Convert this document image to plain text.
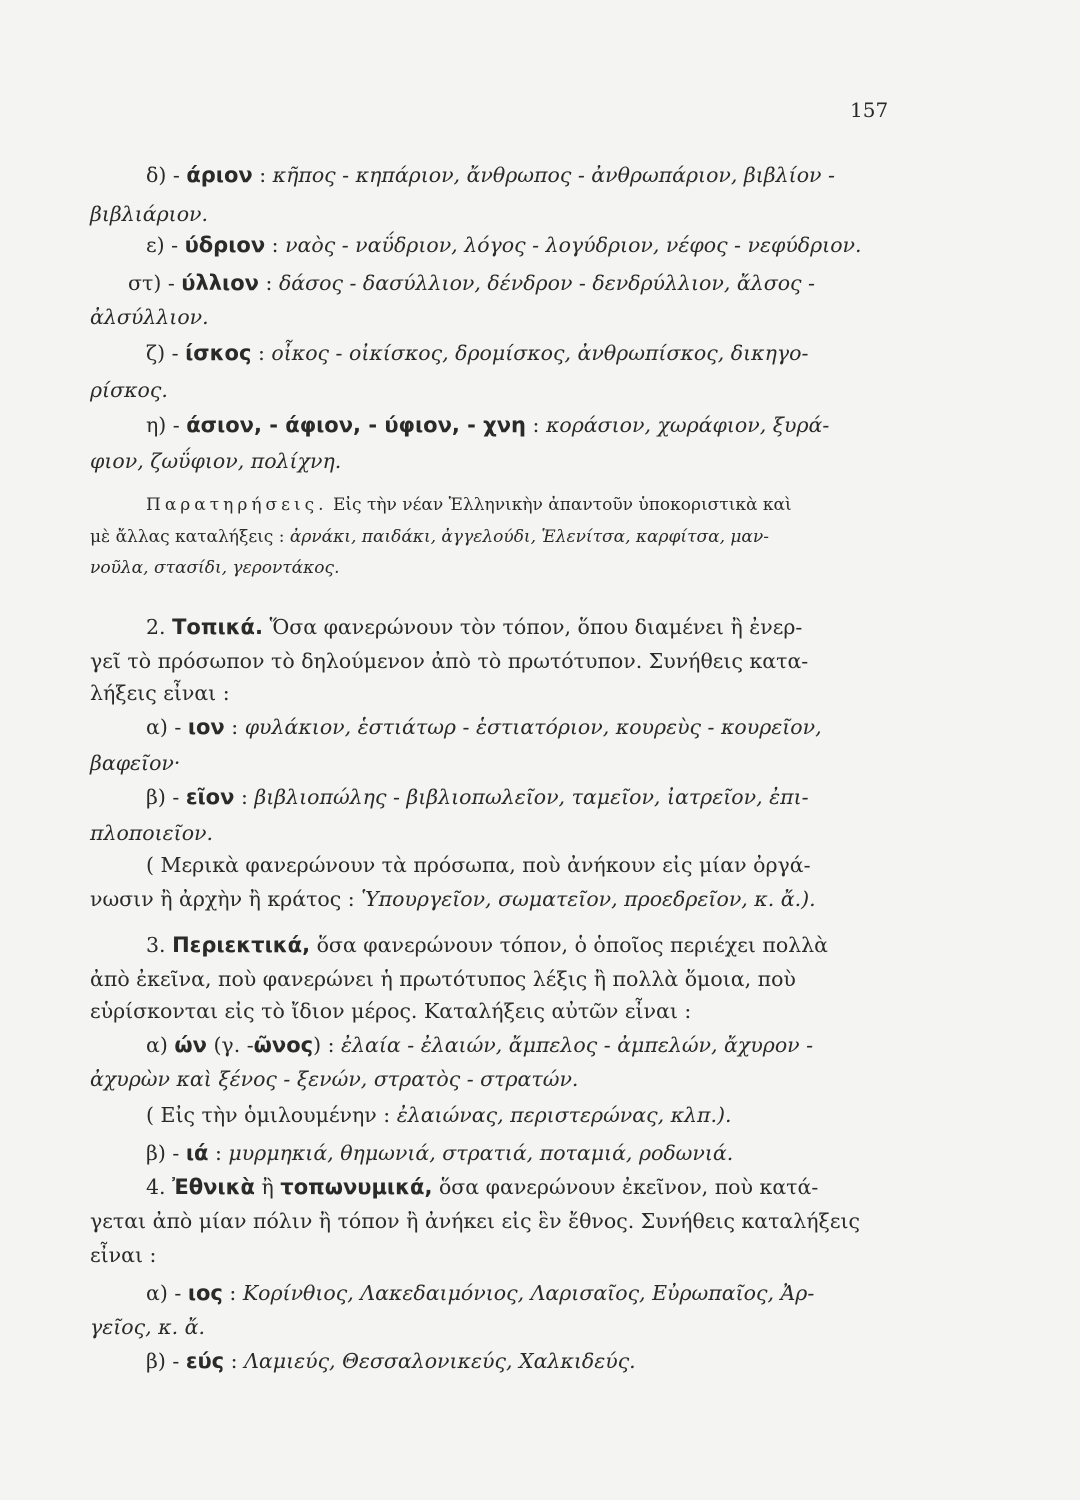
157
δ) - άριον : κῆπος - κηπάριον, ἄνθρωπος - ἀνθρωπάριον, βιβλίον -
βιβλιάριον.
ε) - ύδριον : ναὸς - ναΰδριον, λόγος - λογύδριον, νέφος - νεφύδριον.
στ) - ύλλιον : δάσος - δασύλλιον, δένδρον - δενδρύλλιον, ἄλσος -
ἀλσύλλιον.
ζ) - ίσκος : οἶκος - οἰκίσκος, δρομίσκος, ἀνθρωπίσκος, δικηγο-
ρίσκος.
η) - άσιον, - άφιον, - ύφιον, - χνη : κοράσιον, χωράφιον, ξυρά-
φιον, ζωΰφιον, πολίχνη.
Παρατηρήσεις. Εἰς τὴν νέαν Ἑλληνικὴν ἀπαντοῦν ὑποκοριστικὰ καὶ
μὲ ἄλλας καταλήξεις : ἀρνάκι, παιδάκι, ἀγγελούδι, Ἑλενίτσα, καρφίτσα, μαν-
νοῦλα, στασίδι, γεροντάκος.
2. Τοπικά. Ὅσα φανερώνουν τὸν τόπον, ὅπου διαμένει ἢ ἐνερ-
γεῖ τὸ πρόσωπον τὸ δηλούμενον ἀπὸ τὸ πρωτότυπον. Συνήθεις κατα-
λήξεις εἶναι :
α) - ιον : φυλάκιον, ἑστιάτωρ - ἑστιατόριον, κουρεὺς - κουρεῖον,
βαφεῖον·
β) - εῖον : βιβλιοπώλης - βιβλιοπωλεῖον, ταμεῖον, ἰατρεῖον, ἐπι-
πλοποιεῖον.
( Μερικὰ φανερώνουν τὰ πρόσωπα, ποὺ ἀνήκουν εἰς μίαν ὀργά-
νωσιν ἢ ἀρχὴν ἢ κράτος : Ὑπουργεῖον, σωματεῖον, προεδρεῖον, κ. ἄ.).
3. Περιεκτικά, ὅσα φανερώνουν τόπον, ὁ ὁποῖος περιέχει πολλὰ
ἀπὸ ἐκεῖνα, ποὺ φανερώνει ἡ πρωτότυπος λέξις ἢ πολλὰ ὅμοια, ποὺ
εὑρίσκονται εἰς τὸ ἴδιον μέρος. Καταλήξεις αὐτῶν εἶναι :
α) ών (γ. -ῶνος) : ἐλαία - ἐλαιών, ἄμπελος - ἀμπελών, ἄχυρον -
ἀχυρὼν καὶ ξένος - ξενών, στρατὸς - στρατών.
( Εἰς τὴν ὁμιλουμένην : ἐλαιώνας, περιστερώνας, κλπ.).
β) - ιά : μυρμηκιά, θημωνιά, στρατιά, ποταμιά, ροδωνιά.
4. Ἐθνικὰ ἢ τοπωνυμικά, ὅσα φανερώνουν ἐκεῖνον, ποὺ κατά-
γεται ἀπὸ μίαν πόλιν ἢ τόπον ἢ ἀνήκει εἰς ἓν ἔθνος. Συνήθεις καταλήξεις
εἶναι :
α) - ιος : Κορίνθιος, Λακεδαιμόνιος, Λαρισαῖος, Εὐρωπαῖος, Ἀρ-
γεῖος, κ. ἄ.
β) - εύς : Λαμιεύς, Θεσσαλονικεύς, Χαλκιδεύς.
